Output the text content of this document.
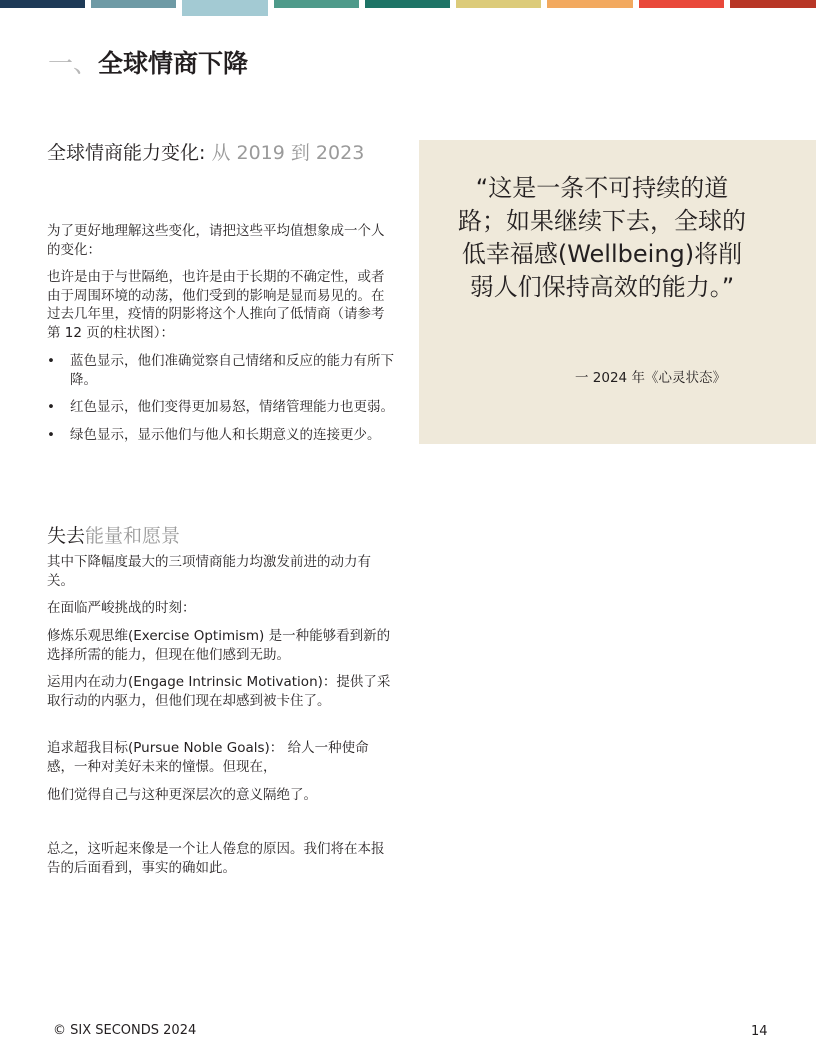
一、全球情商下降
全球情商能力变化: 从 2019 到 2023

为了更好地理解这些变化，请把这些平均值想象成一个人的变化：

也许是由于与世隔绝，也许是由于长期的不确定性，或者由于周围环境的动荡，他们受到的影响是显而易见的。在过去几年里，疫情的阴影将这个人推向了低情商（请参考第 12 页的柱状图）：

• 蓝色显示，他们准确觉察自己情绪和反应的能力有所下降。
• 红色显示，他们变得更加易怒，情绪管理能力也更弱。
• 绿色显示，显示他们与他人和长期意义的连接更少。
失去能量和愿景

其中下降幅度最大的三项情商能力均激发前进的动力有关。

在面临严峻挑战的时刻：

修炼乐观思维(Exercise Optimism) 是一种能够看到新的选择所需的能力，但现在他们感到无助。

运用内在动力(Engage Intrinsic Motivation)：提供了采取行动的内驱力，但他们现在却感到被卡住了。

追求超我目标(Pursue Noble Goals)： 给人一种使命感，一种对美好未来的憧憬。但现在，

他们觉得自己与这种更深层次的意义隔绝了。

总之，这听起来像是一个让人倦怠的原因。我们将在本报告的后面看到，事实的确如此。

“这是一条不可持续的道路；如果继续下去，全球的低幸福感(Wellbeing)将削弱人们保持高效的能力。”
一 2024 年《心灵状态》
© SIX SECONDS 2024	14
